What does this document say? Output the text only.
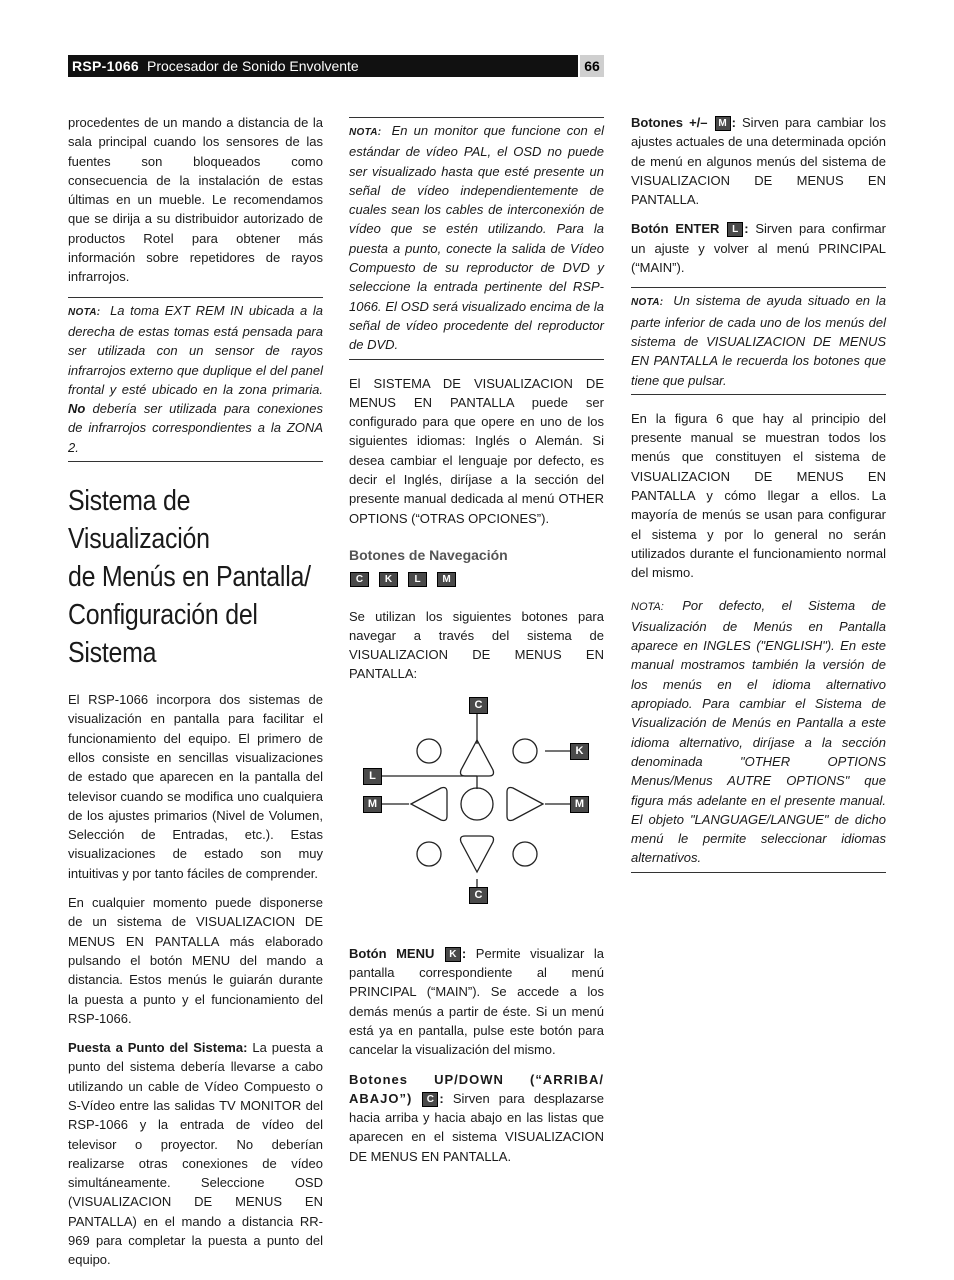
RSP-1066 Procesador de Sonido Envolvente	66

procedentes de un mando a distancia de la sala principal cuando los sensores de las fuentes son bloqueados como consecuencia de la instalación de estas últimas en un mueble. Le recomendamos que se dirija a su distribuidor autorizado de productos Rotel para obtener más información sobre repetidores de rayos infrarrojos.

NOTA: La toma EXT REM IN ubicada a la derecha de estas tomas está pensada para ser utilizada con un sensor de rayos infrarrojos externo que duplique el del panel frontal y esté ubicado en la zona primaria. No debería ser utilizada para conexiones de infrarrojos correspondientes a la ZONA 2.
Sistema de Visualización
de Menús en Pantalla/
Configuración del Sistema

El RSP-1066 incorpora dos sistemas de visualización en pantalla para facilitar el funcionamiento del equipo. El primero de ellos consiste en sencillas visualizaciones de estado que aparecen en la pantalla del televisor cuando se modifica uno cualquiera de los ajustes primarios (Nivel de Volumen, Selección de Entradas, etc.). Estas visualizaciones de estado son muy intuitivas y por tanto fáciles de comprender.

En cualquier momento puede disponerse de un sistema de VISUALIZACION DE MENUS EN PANTALLA más elaborado pulsando el botón MENU del mando a distancia. Estos menús le guiarán durante la puesta a punto y el funcionamiento del RSP-1066.

Puesta a Punto del Sistema: La puesta a punto del sistema debería llevarse a cabo utilizando un cable de Vídeo Compuesto o S-Vídeo entre las salidas TV MONITOR del RSP-1066 y la entrada de vídeo del televisor o proyector. No deberían realizarse otras conexiones de vídeo simultáneamente. Seleccione OSD (VISUALIZACION DE MENUS EN PANTALLA) en el mando a distancia RR-969 para completar la puesta a punto del equipo.

NOTA: En un monitor que funcione con el estándar de vídeo PAL, el OSD no puede ser visualizado hasta que esté presente un señal de vídeo independientemente de cuales sean los cables de interconexión de vídeo que se estén utilizando. Para la puesta a punto, conecte la salida de Vídeo Compuesto de su reproductor de DVD y seleccione la entrada pertinente del RSP-1066. El OSD será visualizado encima de la señal de vídeo procedente del reproductor de DVD.

El SISTEMA DE VISUALIZACION DE MENUS EN PANTALLA puede ser configurado para que opere en uno de los siguientes idiomas: Inglés o Alemán. Si desea cambiar el lenguaje por defecto, es decir el Inglés, diríjase a la sección del presente manual dedicada al menú OTHER OPTIONS (“OTRAS OPCIONES”).

Botones de Navegación
C K L M

Se utilizan los siguientes botones para navegar a través del sistema de VISUALIZACION DE MENUS EN PANTALLA:

C
K
L
M	M
C

Botón MENU K : Permite visualizar la pantalla correspondiente al menú PRINCIPAL (“MAIN”). Se accede a los demás menús a partir de éste. Si un menú está ya en pantalla, pulse este botón para cancelar la visualización del mismo.

Botones UP/DOWN (“ARRIBA/ ABAJO”) C : Sirven para desplazarse hacia arriba y hacia abajo en las listas que aparecen en el sistema VISUALIZACION DE MENUS EN PANTALLA.

Botones +/– M : Sirven para cambiar los ajustes actuales de una determinada opción de menú en algunos menús del sistema de VISUALIZACION DE MENUS EN PANTALLA.

Botón ENTER L : Sirven para confirmar un ajuste y volver al menú PRINCIPAL (“MAIN”).

NOTA: Un sistema de ayuda situado en la parte inferior de cada uno de los menús del sistema de VISUALIZACION DE MENUS EN PANTALLA le recuerda los botones que tiene que pulsar.

En la figura 6 que hay al principio del presente manual se muestran todos los menús que constituyen el sistema de VISUALIZACION DE MENUS EN PANTALLA y cómo llegar a ellos. La mayoría de menús se usan para configurar el sistema y por lo general no serán utilizados durante el funcionamiento normal del mismo.

NOTA: Por defecto, el Sistema de Visualización de Menús en Pantalla aparece en INGLES ("ENGLISH"). En este manual mostramos también la versión de los menús en el idioma alternativo apropiado. Para cambiar el Sistema de Visualización de Menús en Pantalla a este idioma alternativo, diríjase a la sección denominada "OTHER OPTIONS Menus/Menus AUTRE OPTIONS" que figura más adelante en el presente manual. El objeto "LANGUAGE/LANGUE" de dicho menú le permite seleccionar idiomas alternativos.
